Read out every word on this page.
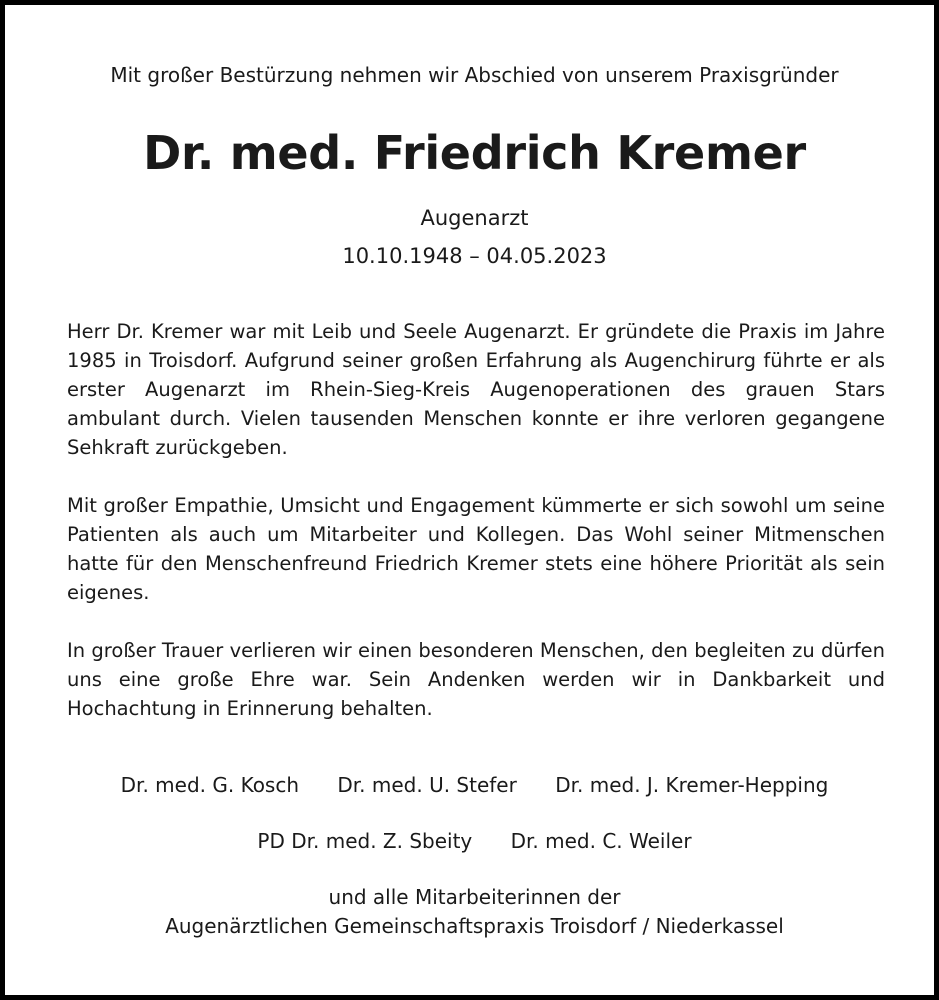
Mit großer Bestürzung nehmen wir Abschied von unserem Praxisgründer
Dr. med. Friedrich Kremer
Augenarzt
10.10.1948 – 04.05.2023

Herr Dr. Kremer war mit Leib und Seele Augenarzt. Er gründete die Praxis im Jahre 1985 in Troisdorf. Aufgrund seiner großen Erfahrung als Augenchirurg führte er als erster Augenarzt im Rhein-Sieg-Kreis Augenoperationen des grauen Stars ambulant durch. Vielen tausenden Menschen konnte er ihre verloren gegangene Sehkraft zurückgeben.

Mit großer Empathie, Umsicht und Engagement kümmerte er sich sowohl um seine Patienten als auch um Mitarbeiter und Kollegen. Das Wohl seiner Mitmenschen hatte für den Menschenfreund Friedrich Kremer stets eine höhere Priorität als sein eigenes.

In großer Trauer verlieren wir einen besonderen Menschen, den begleiten zu dürfen uns eine große Ehre war. Sein Andenken werden wir in Dankbarkeit und Hochachtung in Erinnerung behalten.

Dr. med. G. Kosch Dr. med. U. Stefer Dr. med. J. Kremer-Hepping
PD Dr. med. Z. Sbeity Dr. med. C. Weiler
und alle Mitarbeiterinnen der
Augenärztlichen Gemeinschaftspraxis Troisdorf / Niederkassel
